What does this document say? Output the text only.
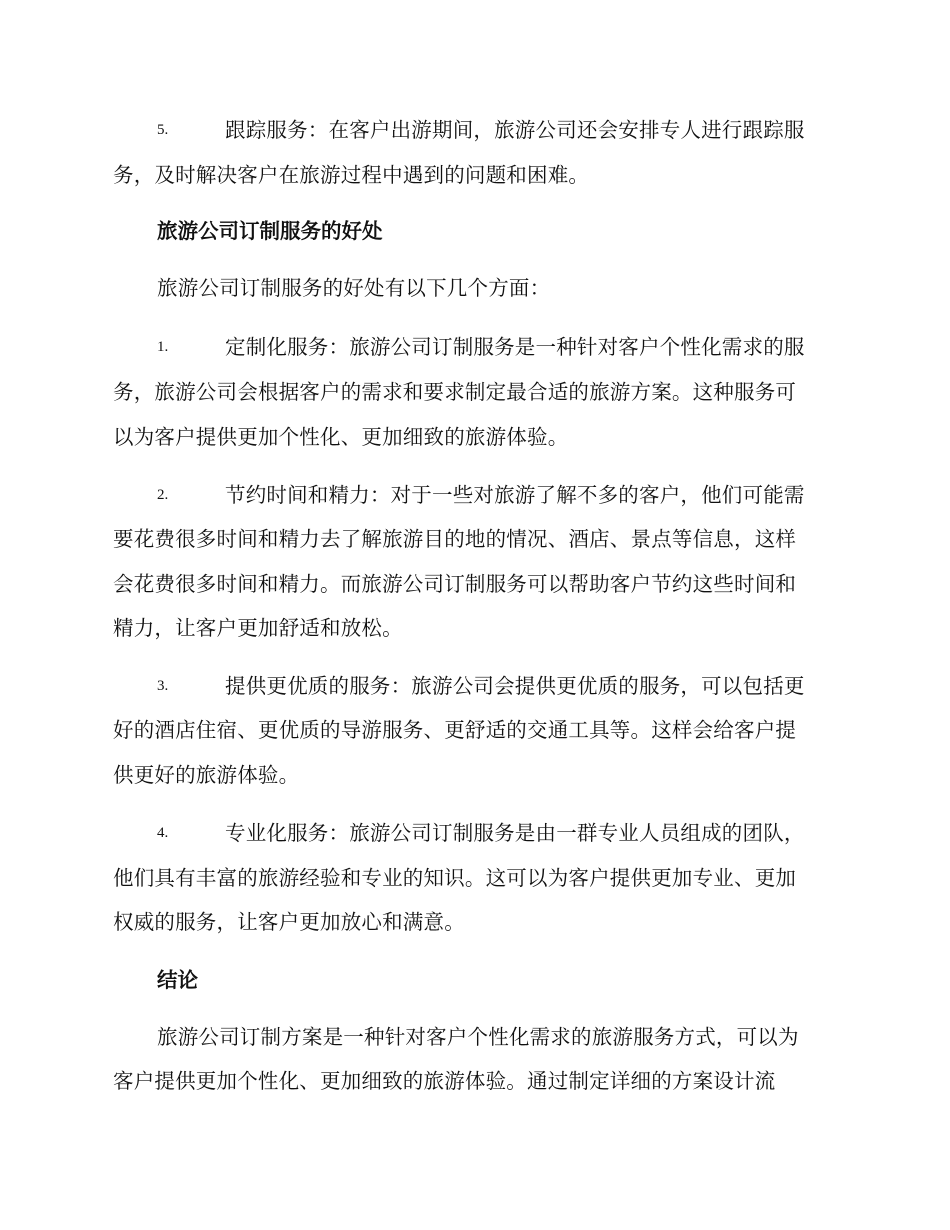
5.	跟踪服务：在客户出游期间，旅游公司还会安排专人进行跟踪服
务，及时解决客户在旅游过程中遇到的问题和困难。
旅游公司订制服务的好处
旅游公司订制服务的好处有以下几个方面：
1.	定制化服务：旅游公司订制服务是一种针对客户个性化需求的服
务，旅游公司会根据客户的需求和要求制定最合适的旅游方案。这种服务可
以为客户提供更加个性化、更加细致的旅游体验。
2.	节约时间和精力：对于一些对旅游了解不多的客户，他们可能需
要花费很多时间和精力去了解旅游目的地的情况、酒店、景点等信息，这样
会花费很多时间和精力。而旅游公司订制服务可以帮助客户节约这些时间和
精力，让客户更加舒适和放松。
3.	提供更优质的服务：旅游公司会提供更优质的服务，可以包括更
好的酒店住宿、更优质的导游服务、更舒适的交通工具等。这样会给客户提
供更好的旅游体验。
4.	专业化服务：旅游公司订制服务是由一群专业人员组成的团队，
他们具有丰富的旅游经验和专业的知识。这可以为客户提供更加专业、更加
权威的服务，让客户更加放心和满意。
结论
旅游公司订制方案是一种针对客户个性化需求的旅游服务方式，可以为
客户提供更加个性化、更加细致的旅游体验。通过制定详细的方案设计流
